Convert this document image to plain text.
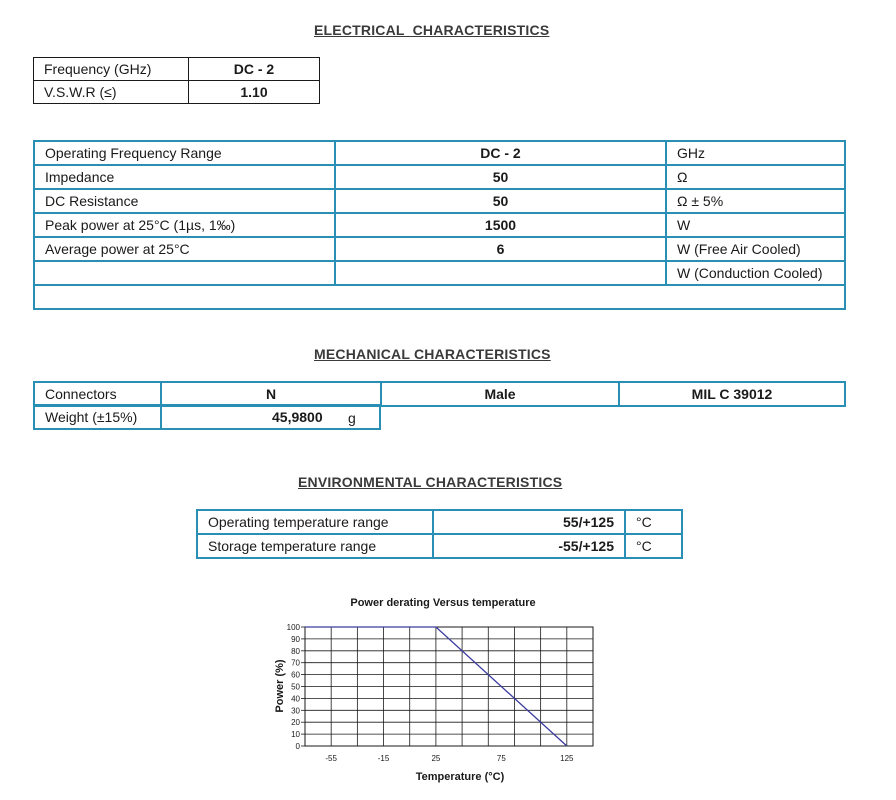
ELECTRICAL  CHARACTERISTICS
Frequency (GHz)	DC - 2
V.S.W.R (≤)	1.10
Operating Frequency Range	DC - 2	GHz
Impedance	50	Ω
DC Resistance	50	Ω ± 5%
Peak power at 25°C (1µs, 1‰)	1500	W
Average power at 25°C	6	W (Free Air Cooled)
		W (Conduction Cooled)

MECHANICAL CHARACTERISTICS
Connectors	N	Male	MIL C 39012
Weight (±15%)	45,9800 g
ENVIRONMENTAL CHARACTERISTICS
Operating temperature range	55/+125	°C
Storage temperature range	-55/+125	°C
Power derating Versus temperature
Temperature (°C)
Power (%)
0
10
20
30
40
50
60
70
80
90
100
-55	-15	25	75	125
